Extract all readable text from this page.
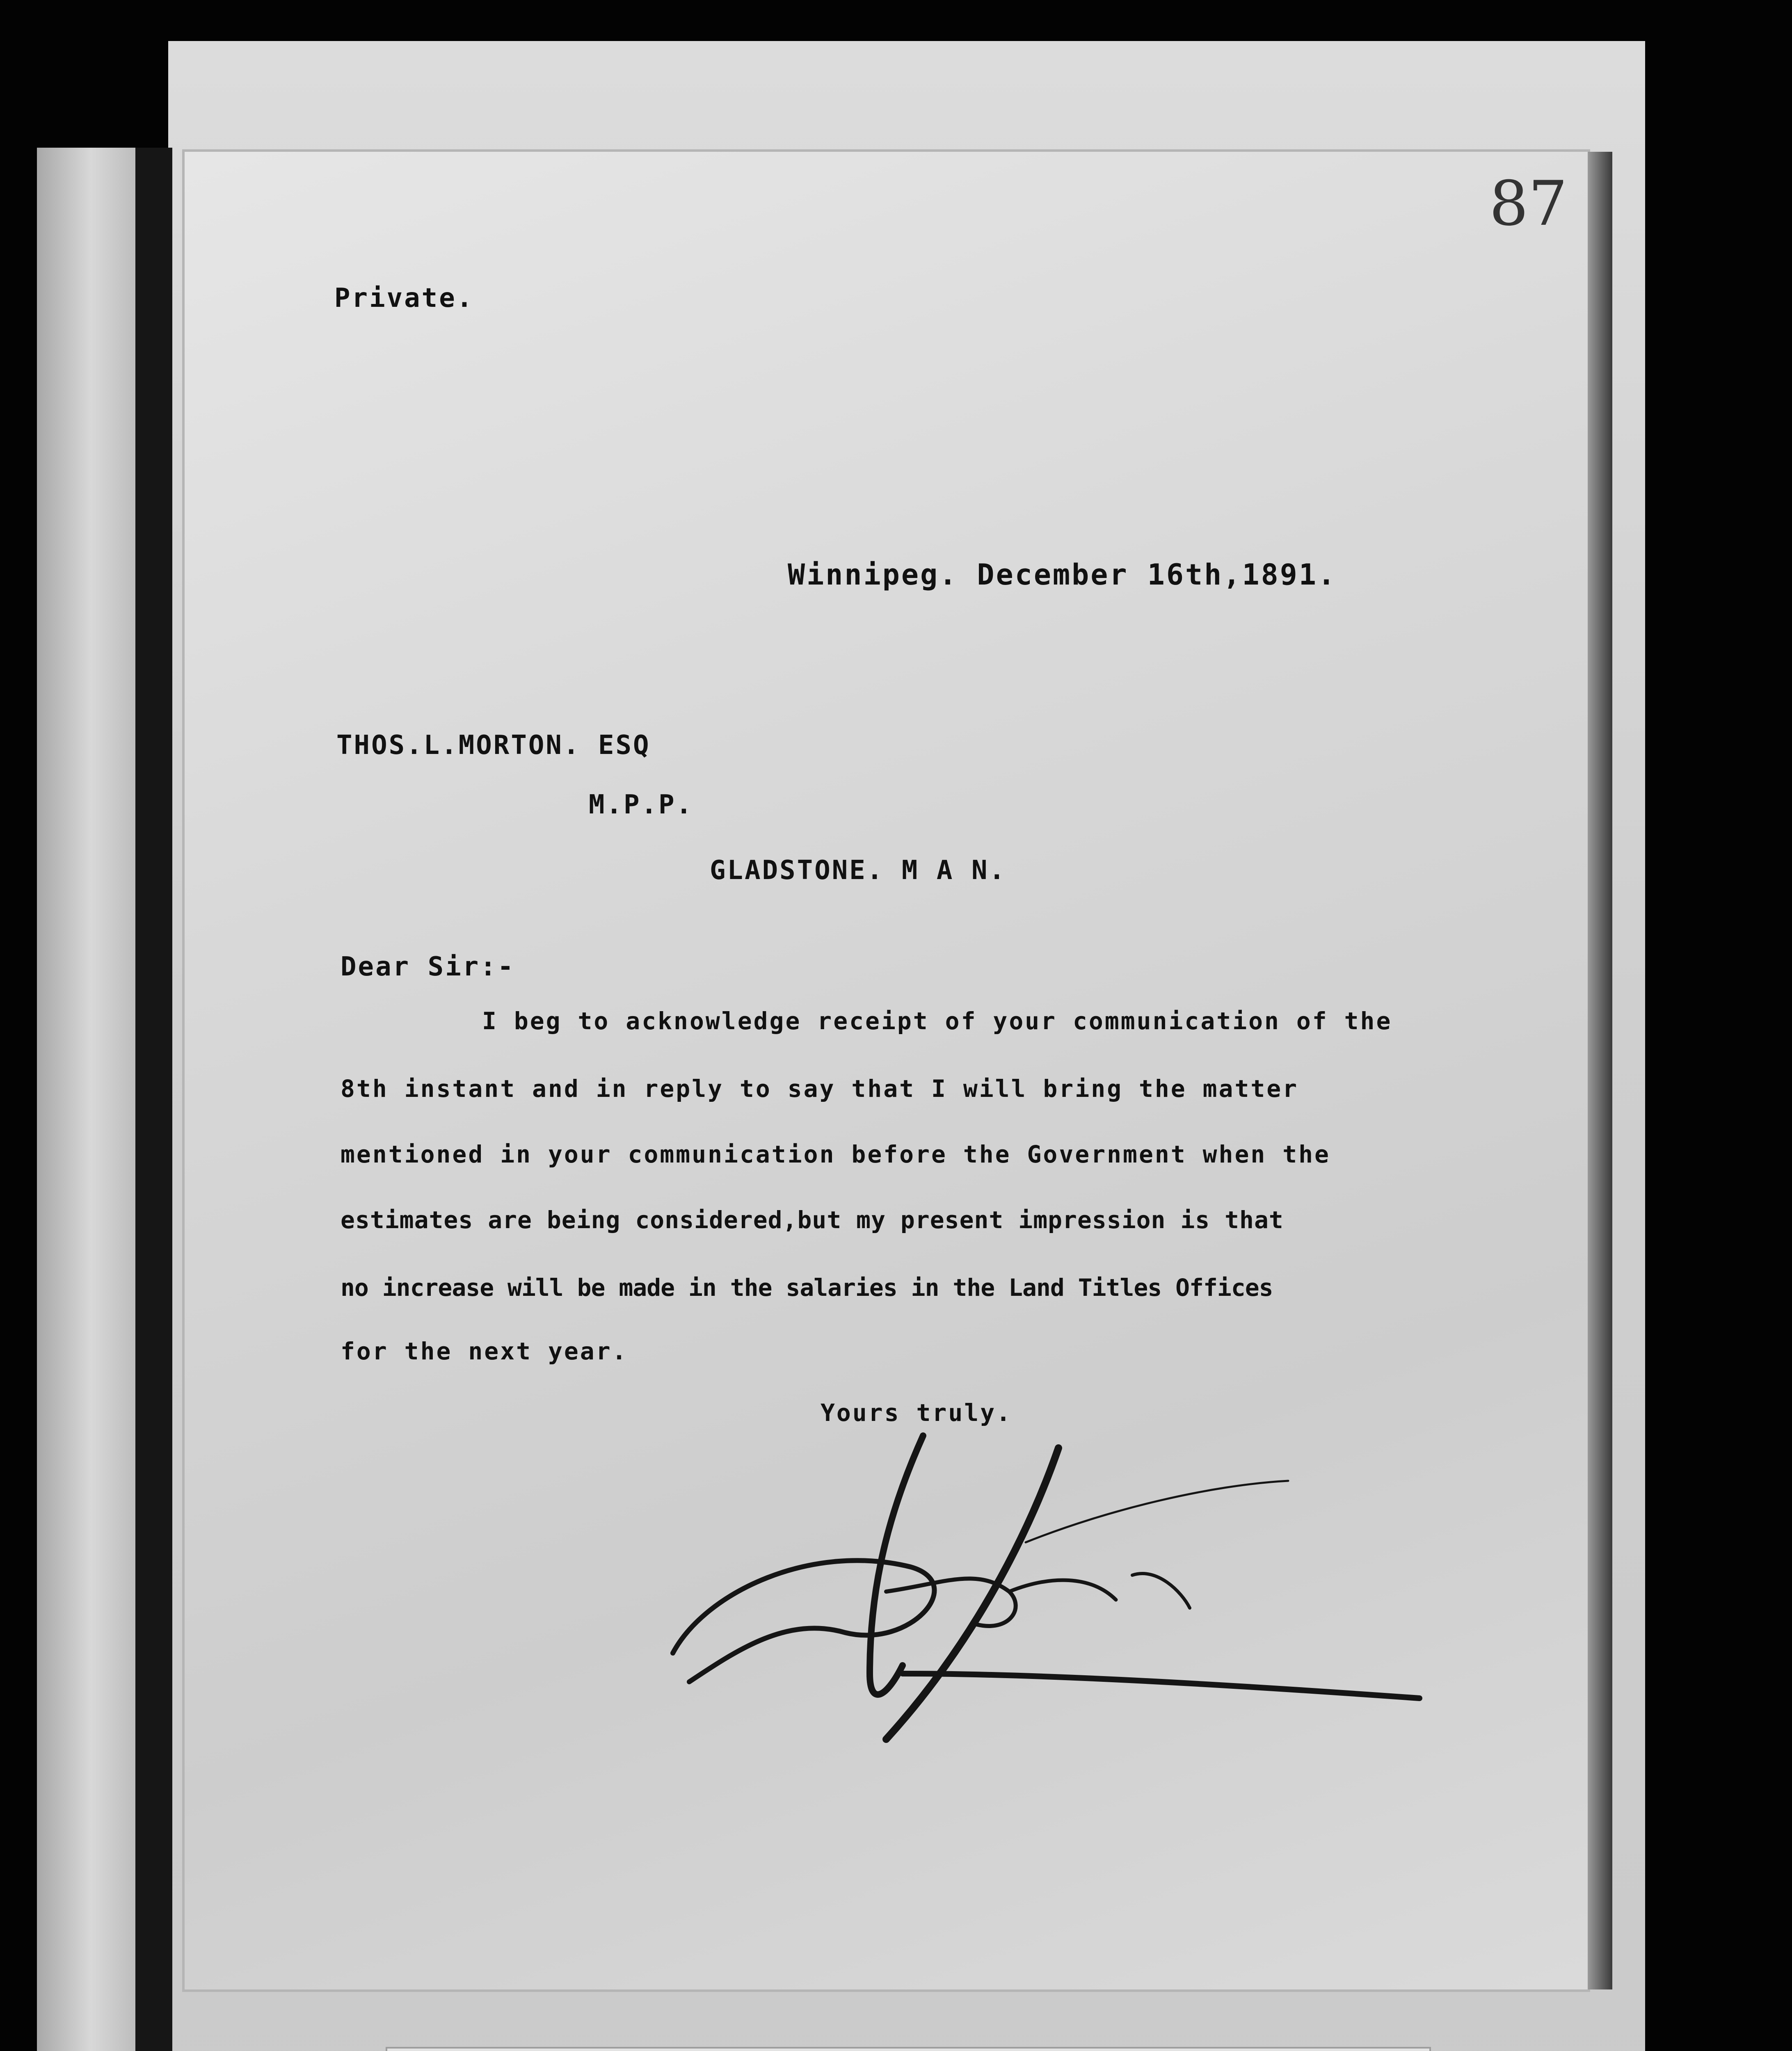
87
Private.
Winnipeg. December 16th,1891.
THOS.L.MORTON. ESQ
M.P.P.
GLADSTONE. M A N.
Dear Sir:-
I beg to acknowledge receipt of your communication of the
8th instant and in reply to say that I will bring the matter
mentioned in your communication before the Government when the
estimates are being considered,but my present impression is that
no increase will be made in the salaries in the Land Titles Offices
for the next year.
Yours truly.
